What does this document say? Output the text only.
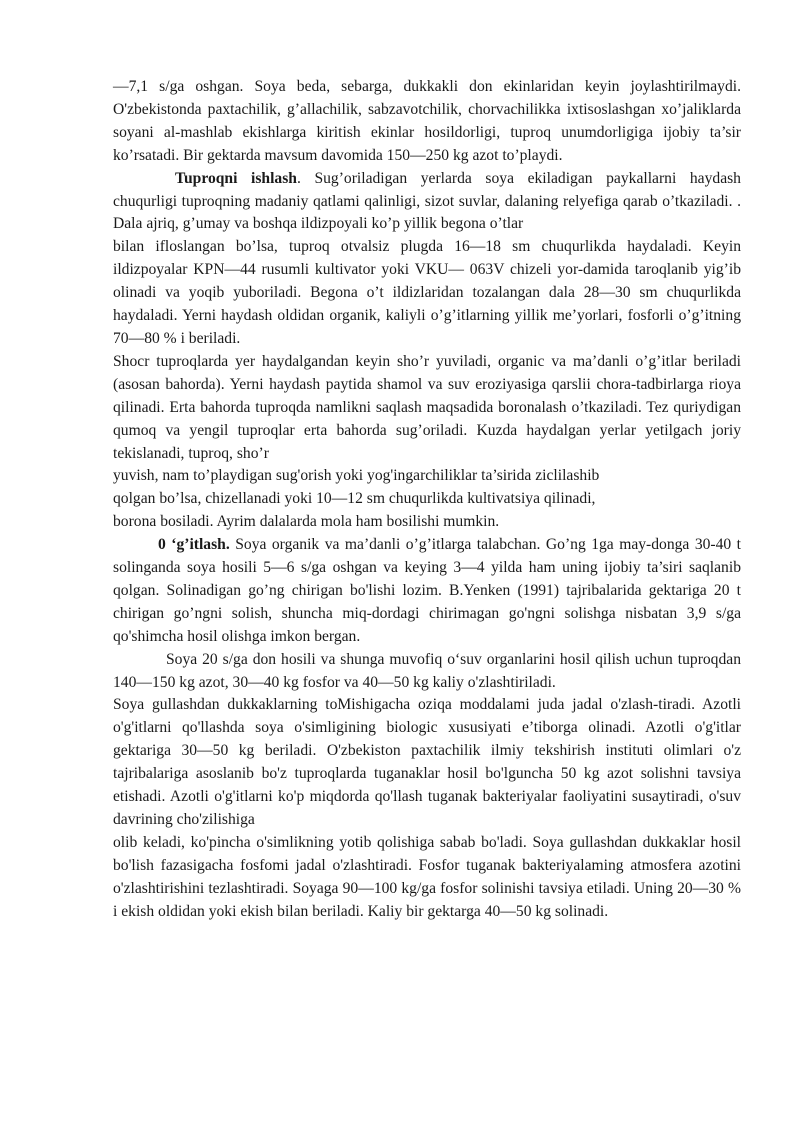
—7,1 s/ga oshgan. Soya beda, sebarga, dukkakli don ekinlaridan keyin joylashtirilmaydi. O'zbekistonda paxtachilik, g’allachilik, sabzavotchilik, chorvachilikka ixtisoslashgan xo’jaliklarda soyani al-mashlab ekishlarga kiritish ekinlar hosildorligi, tuproq unumdorligiga ijobiy ta’sir ko’rsatadi. Bir gektarda mavsum davomida 150—250 kg azot to’playdi.

Tuproqni ishlash. Sug’oriladigan yerlarda soya ekiladigan paykallarni haydash chuqurligi tuproqning madaniy qatlami qalinligi, sizot suvlar, dalaning relyefiga qarab o’tkaziladi. . Dala ajriq, g’umay va boshqa ildizpoyali ko’p yillik begona o’tlar

bilan ifloslangan bo’lsa, tuproq otvalsiz plugda 16—18 sm chuqurlikda haydaladi. Keyin ildizpoyalar KPN—44 rusumli kultivator yoki VKU— 063V chizeli yor-damida taroqlanib yig’ib olinadi va yoqib yuboriladi. Begona o’t ildizlaridan tozalangan dala 28—30 sm chuqurlikda haydaladi. Yerni haydash oldidan organik, kaliyli o’g’itlarning yillik me’yorlari, fosforli o’g’itning 70—80 % i beriladi.

Shocr tuproqlarda yer haydalgandan keyin sho’r yuviladi, organic va ma’danli o’g’itlar beriladi (asosan bahorda). Yerni haydash paytida shamol va suv eroziyasiga qarslii chora-tadbirlarga rioya qilinadi. Erta bahorda tuproqda namlikni saqlash maqsadida boronalash o’tkaziladi. Tez quriydigan qumoq va yengil tuproqlar erta bahorda sug’oriladi. Kuzda haydalgan yerlar yetilgach joriy tekislanadi, tuproq, sho’r

yuvish, nam to’playdigan sug'orish yoki yog'ingarchiliklar ta’sirida ziclilashib
qolgan bo’lsa, chizellanadi yoki 10—12 sm chuqurlikda kultivatsiya qilinadi,
borona bosiladi. Ayrim dalalarda mola ham bosilishi mumkin.

0 ‘g’itlash. Soya organik va ma’danli o’g’itlarga talabchan. Go’ng 1ga may-donga 30-40 t solinganda soya hosili 5—6 s/ga oshgan va keying 3—4 yilda ham uning ijobiy ta’siri saqlanib qolgan. Solinadigan go’ng chirigan bo'lishi lozim. B.Yenken (1991) tajribalarida gektariga 20 t chirigan go’ngni solish, shuncha miq-dordagi chirimagan go'ngni solishga nisbatan 3,9 s/ga qo'shimcha hosil olishga imkon bergan.

Soya 20 s/ga don hosili va shunga muvofiq o‘suv organlarini hosil qilish uchun tuproqdan 140—150 kg azot, 30—40 kg fosfor va 40—50 kg kaliy o'zlashtiriladi.

Soya gullashdan dukkaklarning toMishigacha oziqa moddalami juda jadal o'zlash-tiradi. Azotli o'g'itlarni qo'llashda soya o'simligining biologic xususiyati e’tiborga olinadi. Azotli o'g'itlar gektariga 30—50 kg beriladi. O'zbekiston paxtachilik ilmiy tekshirish instituti olimlari o'z tajribalariga asoslanib bo'z tuproqlarda tuganaklar hosil bo'lguncha 50 kg azot solishni tavsiya etishadi. Azotli o'g'itlarni ko'p miqdorda qo'llash tuganak bakteriyalar faoliyatini susaytiradi, o'suv davrining cho'zilishiga

olib keladi, ko'pincha o'simlikning yotib qolishiga sabab bo'ladi. Soya gullashdan dukkaklar hosil bo'lish fazasigacha fosfomi jadal o'zlashtiradi. Fosfor tuganak bakteriyalaming atmosfera azotini o'zlashtirishini tezlashtiradi. Soyaga 90—100 kg/ga fosfor solinishi tavsiya etiladi. Uning 20—30 % i ekish oldidan yoki ekish bilan beriladi. Kaliy bir gektarga 40—50 kg solinadi.
